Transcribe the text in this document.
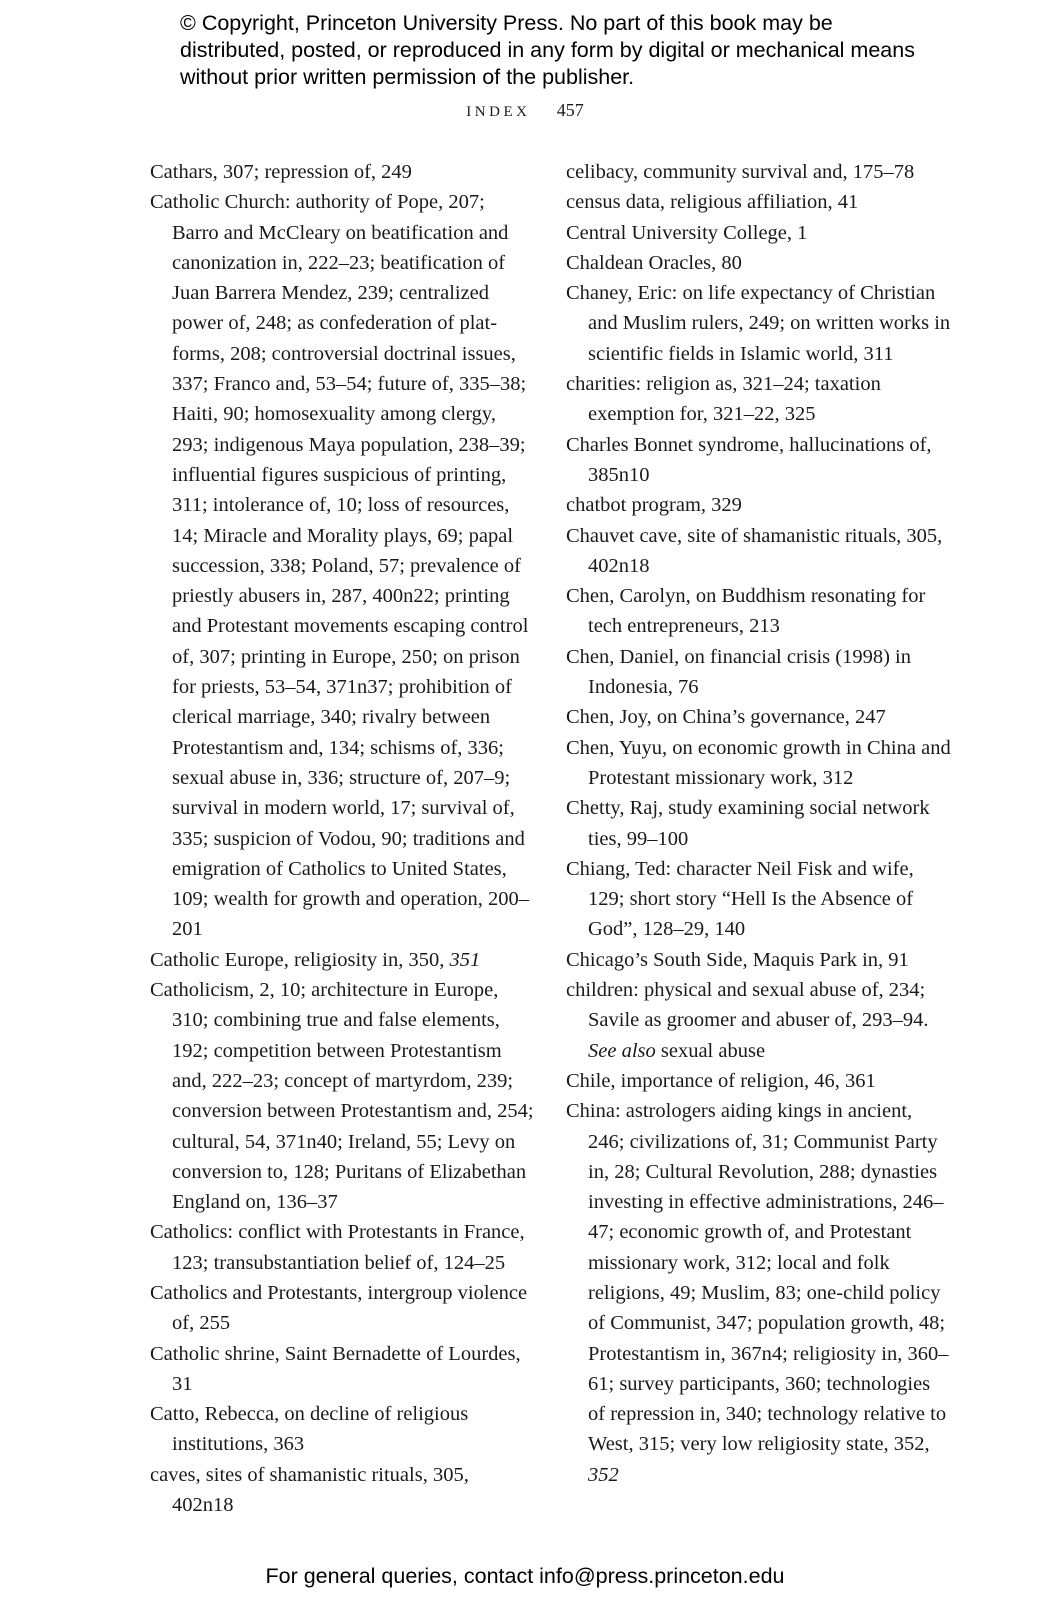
© Copyright, Princeton University Press. No part of this book may be distributed, posted, or reproduced in any form by digital or mechanical means without prior written permission of the publisher.

INDEX 457

Cathars, 307; repression of, 249

Catholic Church: authority of Pope, 207; Barro and McCleary on beatification and canonization in, 222–23; beatification of Juan Barrera Mendez, 239; centralized power of, 248; as confederation of platforms, 208; controversial doctrinal issues, 337; Franco and, 53–54; future of, 335–38; Haiti, 90; homosexuality among clergy, 293; indigenous Maya population, 238–39; influential figures suspicious of printing, 311; intolerance of, 10; loss of resources, 14; Miracle and Morality plays, 69; papal succession, 338; Poland, 57; prevalence of priestly abusers in, 287, 400n22; printing and Protestant movements escaping control of, 307; printing in Europe, 250; on prison for priests, 53–54, 371n37; prohibition of clerical marriage, 340; rivalry between Protestantism and, 134; schisms of, 336; sexual abuse in, 336; structure of, 207–9; survival in modern world, 17; survival of, 335; suspicion of Vodou, 90; traditions and emigration of Catholics to United States, 109; wealth for growth and operation, 200–201

Catholic Europe, religiosity in, 350, 351

Catholicism, 2, 10; architecture in Europe, 310; combining true and false elements, 192; competition between Protestantism and, 222–23; concept of martyrdom, 239; conversion between Protestantism and, 254; cultural, 54, 371n40; Ireland, 55; Levy on conversion to, 128; Puritans of Elizabethan England on, 136–37

Catholics: conflict with Protestants in France, 123; transubstantiation belief of, 124–25

Catholics and Protestants, intergroup violence of, 255

Catholic shrine, Saint Bernadette of Lourdes, 31

Catto, Rebecca, on decline of religious institutions, 363

caves, sites of shamanistic rituals, 305, 402n18

celibacy, community survival and, 175–78

census data, religious affiliation, 41

Central University College, 1

Chaldean Oracles, 80

Chaney, Eric: on life expectancy of Christian and Muslim rulers, 249; on written works in scientific fields in Islamic world, 311

charities: religion as, 321–24; taxation exemption for, 321–22, 325

Charles Bonnet syndrome, hallucinations of, 385n10

chatbot program, 329

Chauvet cave, site of shamanistic rituals, 305, 402n18

Chen, Carolyn, on Buddhism resonating for tech entrepreneurs, 213

Chen, Daniel, on financial crisis (1998) in Indonesia, 76

Chen, Joy, on China’s governance, 247

Chen, Yuyu, on economic growth in China and Protestant missionary work, 312

Chetty, Raj, study examining social network ties, 99–100

Chiang, Ted: character Neil Fisk and wife, 129; short story “Hell Is the Absence of God”, 128–29, 140

Chicago’s South Side, Maquis Park in, 91

children: physical and sexual abuse of, 234; Savile as groomer and abuser of, 293–94. See also sexual abuse

Chile, importance of religion, 46, 361

China: astrologers aiding kings in ancient, 246; civilizations of, 31; Communist Party in, 28; Cultural Revolution, 288; dynasties investing in effective administrations, 246–47; economic growth of, and Protestant missionary work, 312; local and folk religions, 49; Muslim, 83; one-child policy of Communist, 347; population growth, 48; Protestantism in, 367n4; religiosity in, 360–61; survey participants, 360; technologies of repression in, 340; technology relative to West, 315; very low religiosity state, 352, 352

For general queries, contact info@press.princeton.edu
